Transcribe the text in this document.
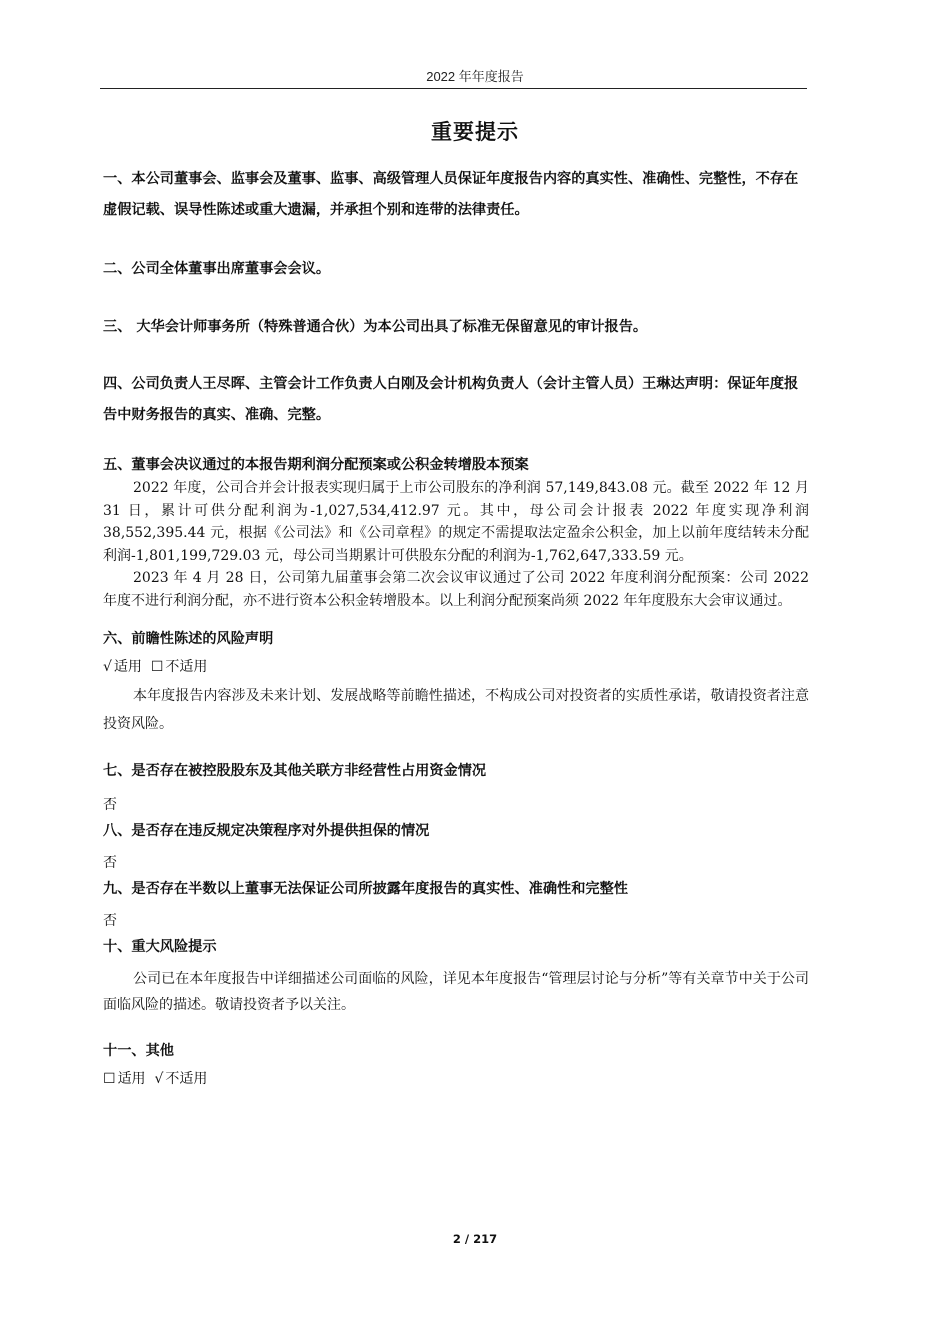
2022 年年度报告
重要提示

一、本公司董事会、监事会及董事、监事、高级管理人员保证年度报告内容的真实性、准确性、完整性，不存在虚假记载、误导性陈述或重大遗漏，并承担个别和连带的法律责任。

二、公司全体董事出席董事会会议。

三、 大华会计师事务所（特殊普通合伙）为本公司出具了标准无保留意见的审计报告。

四、公司负责人王尽晖、主管会计工作负责人白刚及会计机构负责人（会计主管人员）王琳达声明：保证年度报告中财务报告的真实、准确、完整。

五、董事会决议通过的本报告期利润分配预案或公积金转增股本预案

2022 年度，公司合并会计报表实现归属于上市公司股东的净利润 57,149,843.08 元。截至 2022 年 12 月 31 日，累计可供分配利润为-1,027,534,412.97 元。其中，母公司会计报表 2022 年度实现净利润 38,552,395.44 元，根据《公司法》和《公司章程》的规定不需提取法定盈余公积金，加上以前年度结转未分配利润-1,801,199,729.03 元，母公司当期累计可供股东分配的利润为-1,762,647,333.59 元。

2023 年 4 月 28 日，公司第九届董事会第二次会议审议通过了公司 2022 年度利润分配预案：公司 2022 年度不进行利润分配，亦不进行资本公积金转增股本。以上利润分配预案尚须 2022 年年度股东大会审议通过。

六、前瞻性陈述的风险声明

√ 适用 ☐ 不适用

本年度报告内容涉及未来计划、发展战略等前瞻性描述，不构成公司对投资者的实质性承诺，敬请投资者注意投资风险。

七、是否存在被控股股东及其他关联方非经营性占用资金情况

否

八、是否存在违反规定决策程序对外提供担保的情况

否

九、是否存在半数以上董事无法保证公司所披露年度报告的真实性、准确性和完整性

否

十、重大风险提示

公司已在本年度报告中详细描述公司面临的风险，详见本年度报告“管理层讨论与分析”等有关章节中关于公司面临风险的描述。敬请投资者予以关注。

十一、其他

☐ 适用 √ 不适用

2 / 217
